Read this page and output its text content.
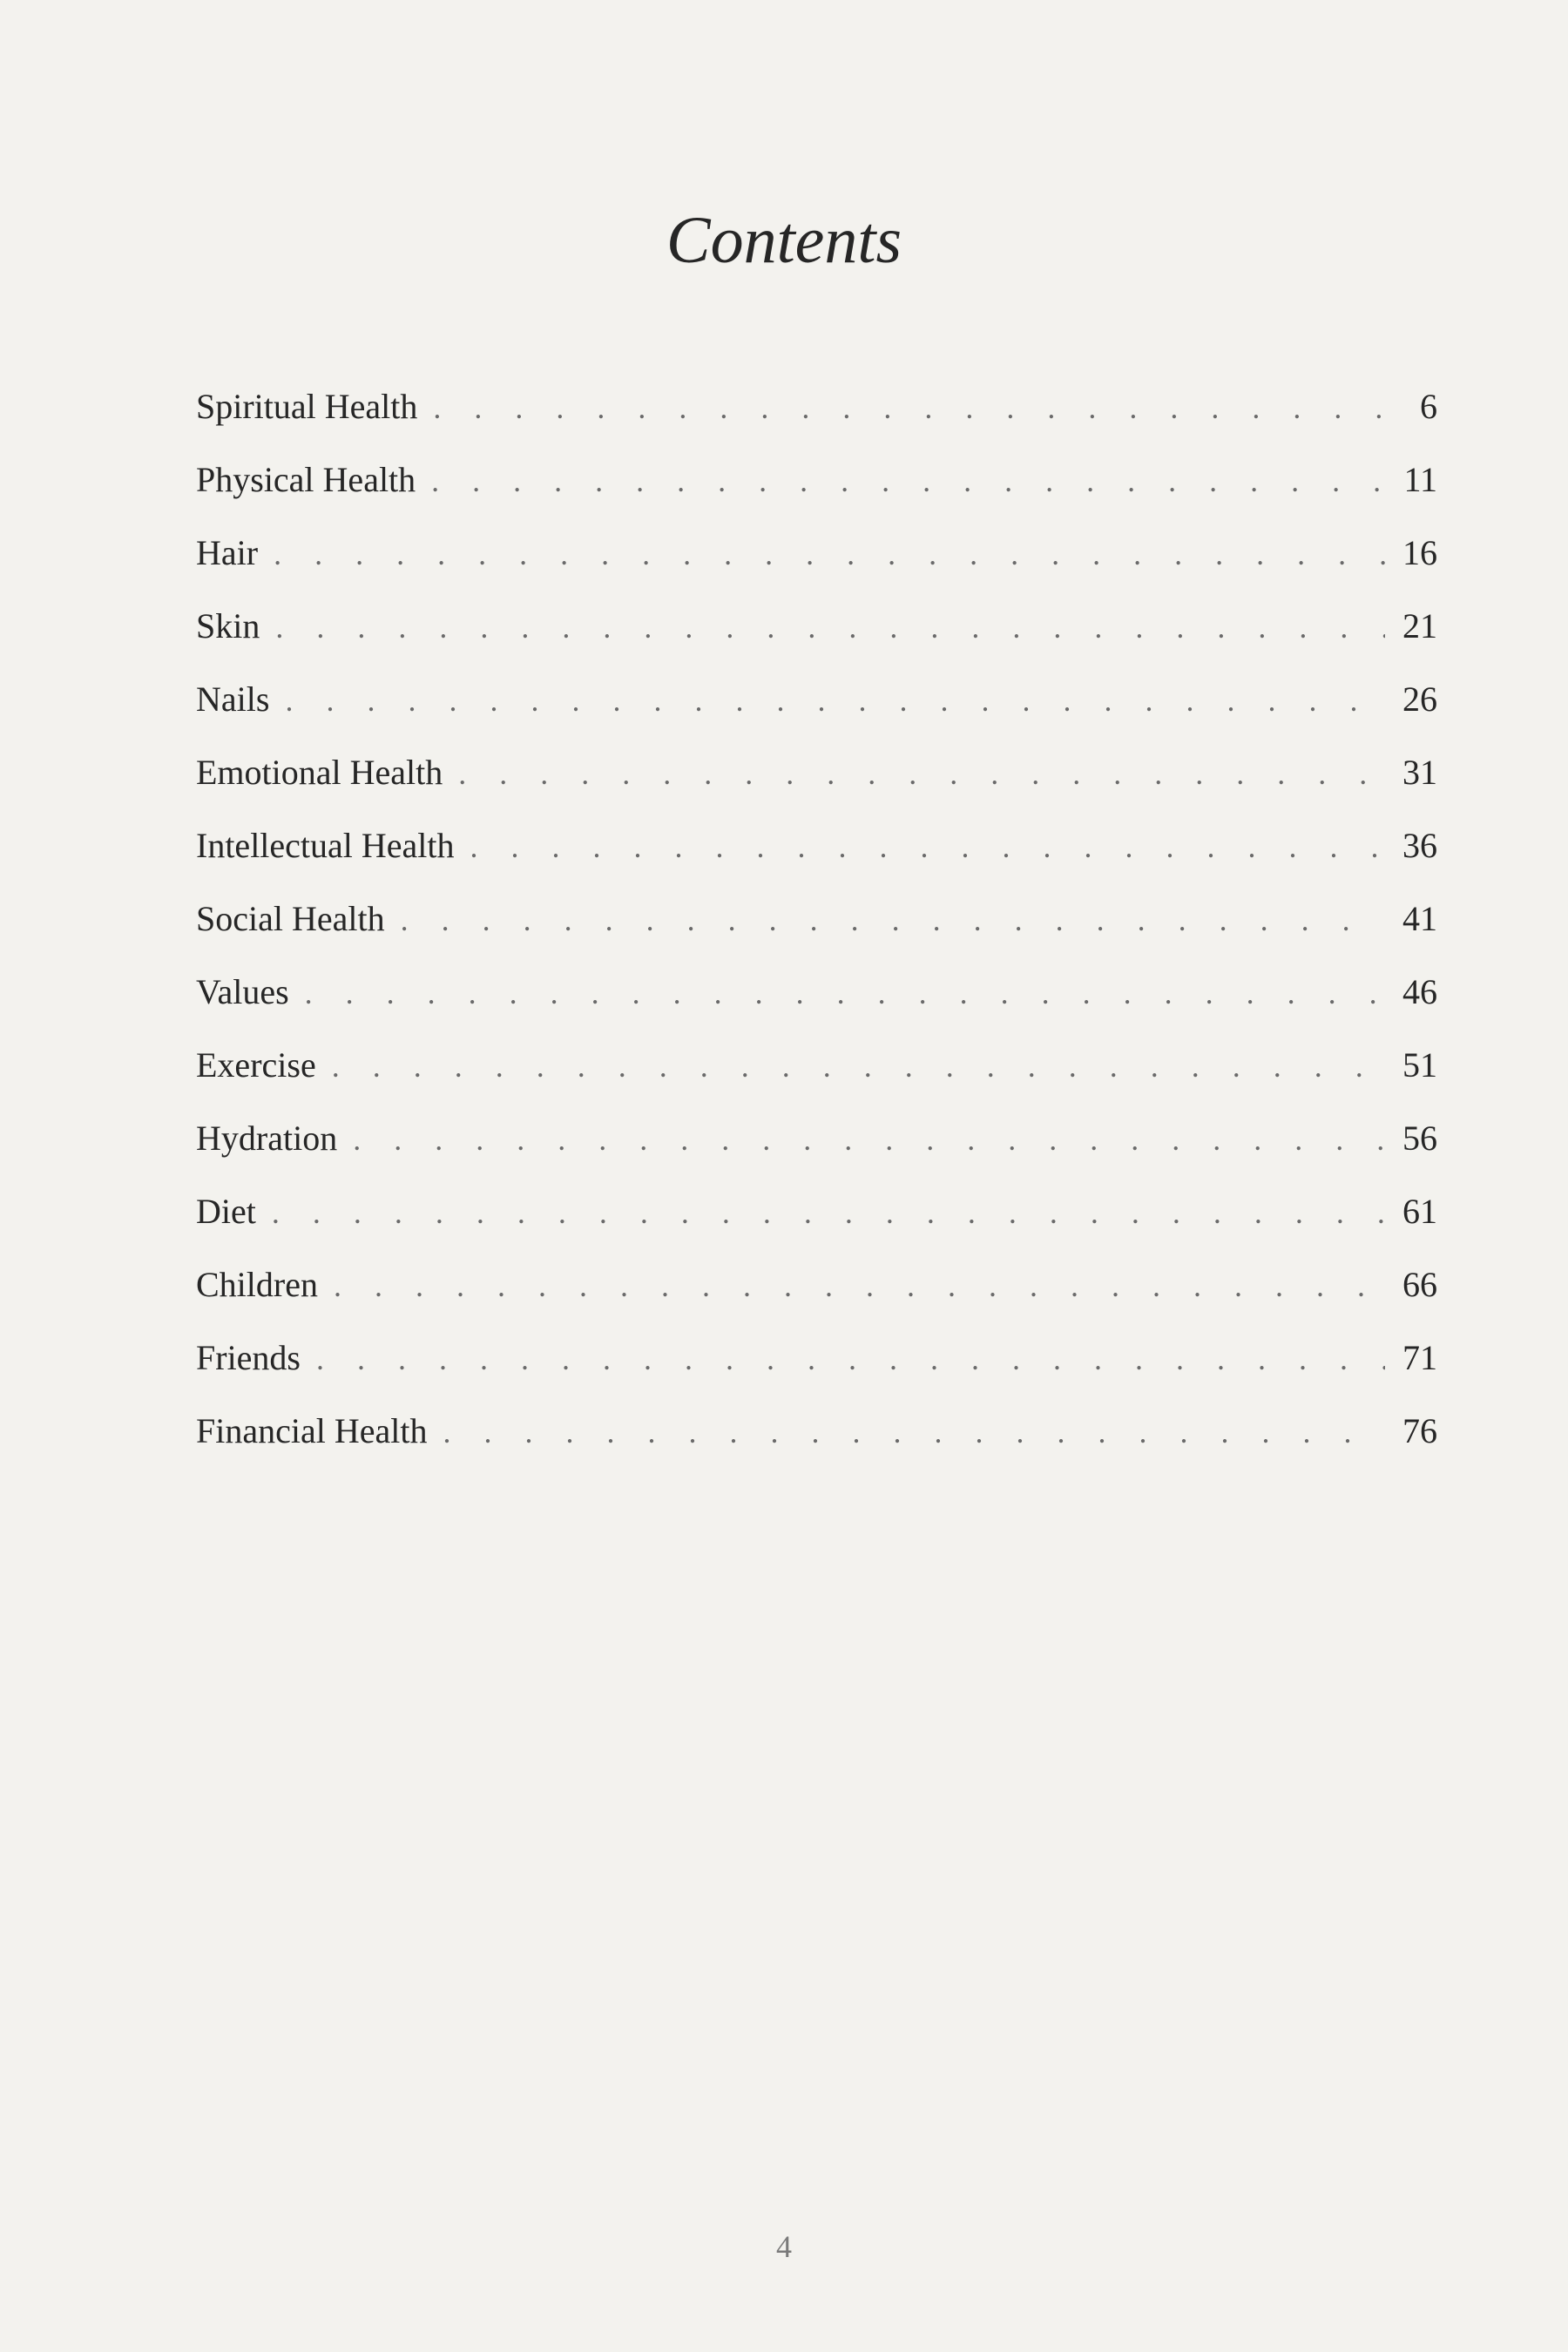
Contents
Spiritual Health . . .	6
Physical Health . . .	11
Hair . . .	16
Skin . . .	21
Nails . . .	26
Emotional Health . . .	31
Intellectual Health . . .	36
Social Health . . .	41
Values . . .	46
Exercise . . .	51
Hydration . . .	56
Diet . . .	61
Children . . .	66
Friends . . .	71
Financial Health . . .	76
4
